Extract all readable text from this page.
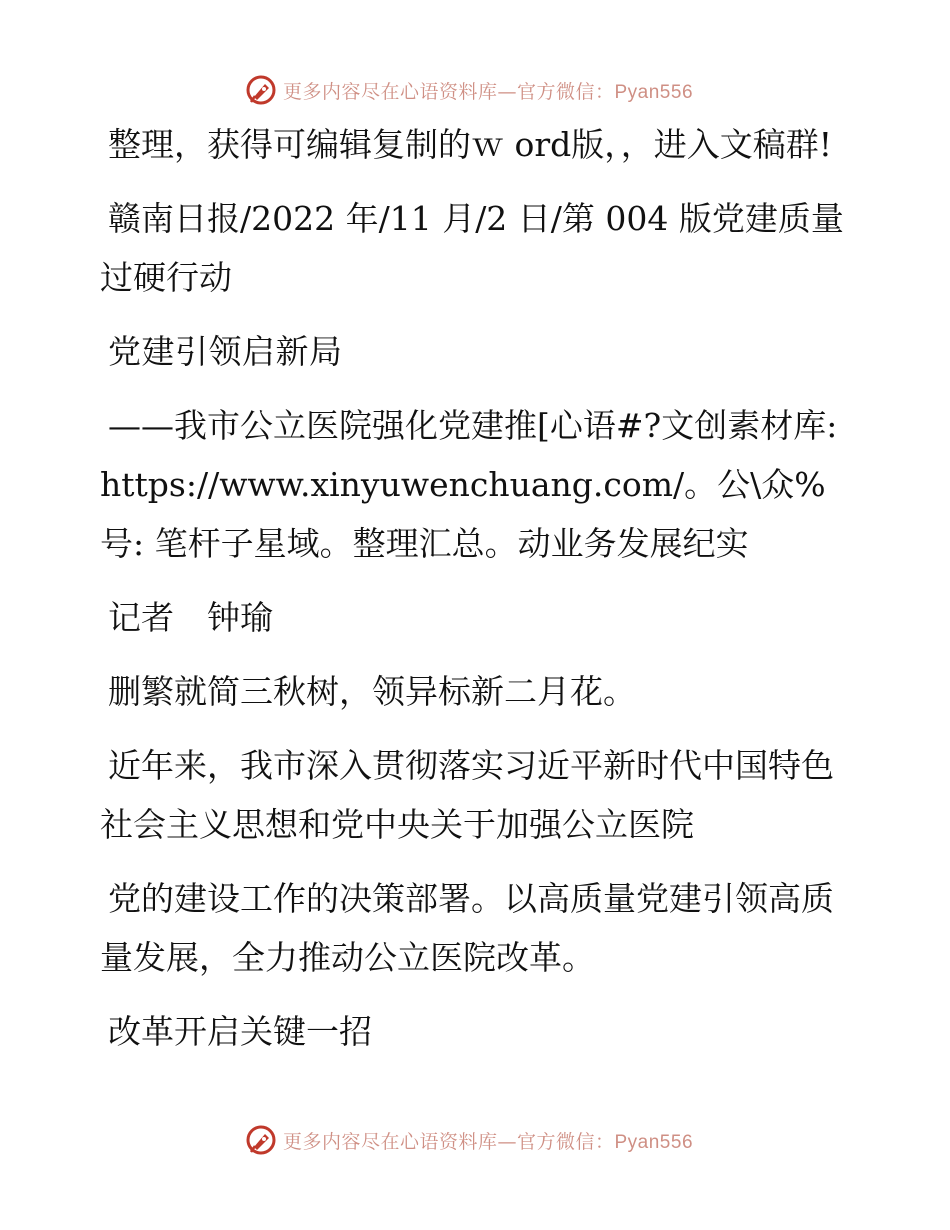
更多内容尽在心语资料库—官方微信：Pyan556

整理，获得可编辑复制的ｗ ord版，，进入文稿群!

赣南日报/2022 年/11 月/2 日/第 004 版党建质量过硬行动

党建引领启新局

——我市公立医院强化党建推[心语#?文创素材库: https://www.xinyuwenchuang.com/。公\众%号: 笔杆子星域。整理汇总。动业务发展纪实

记者　钟瑜

删繁就简三秋树，领异标新二月花。

近年来，我市深入贯彻落实习近平新时代中国特色社会主义思想和党中央关于加强公立医院

党的建设工作的决策部署。以高质量党建引领高质量发展，全力推动公立医院改革。

改革开启关键一招

更多内容尽在心语资料库—官方微信：Pyan556
